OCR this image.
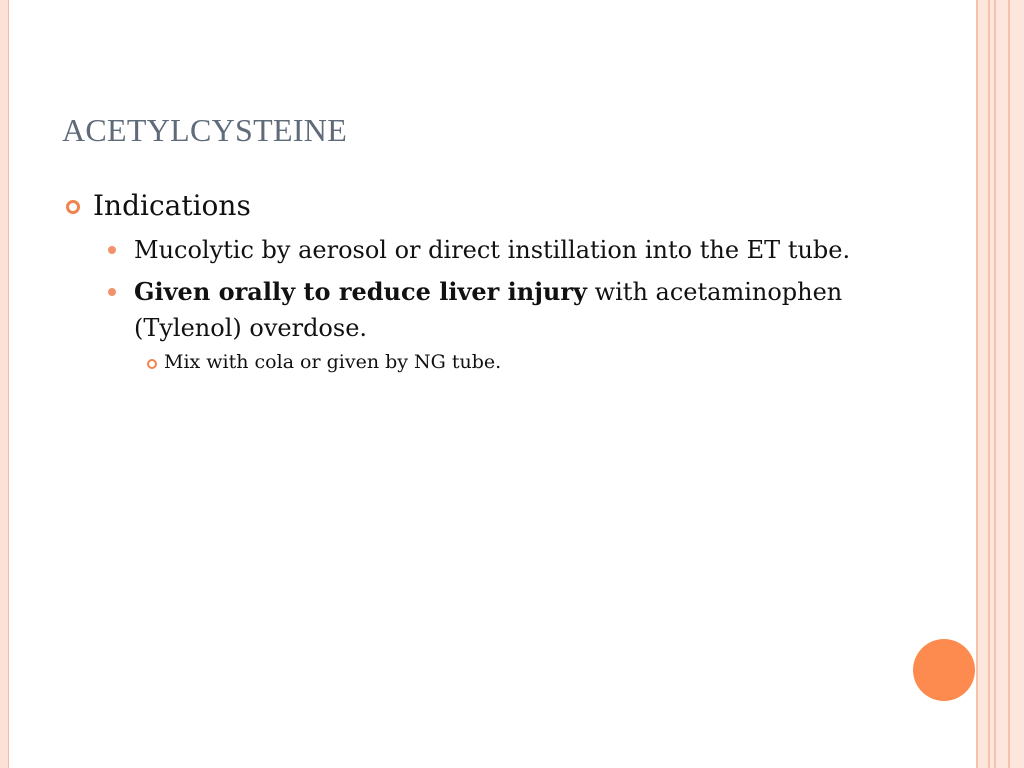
ACETYLCYSTEINE
Indications
Mucolytic by aerosol or direct instillation into the ET tube.
Given orally to reduce liver injury with acetaminophen (Tylenol) overdose.
Mix with cola or given by NG tube.
